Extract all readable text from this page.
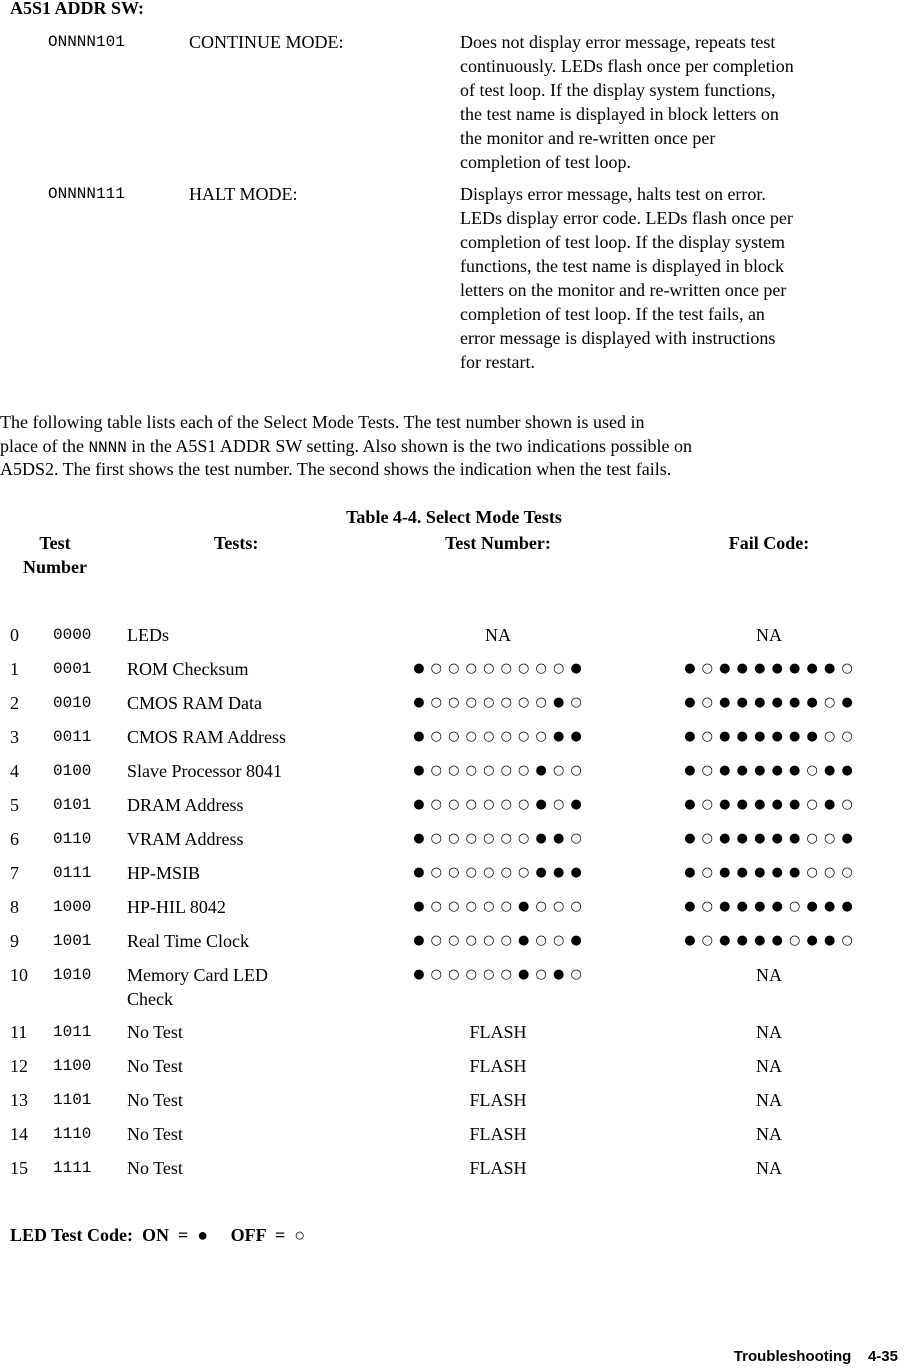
A5S1 ADDR SW:
ONNNN101	CONTINUE MODE:	Does not display error message, repeats test
continuously. LEDs flash once per completion
of test loop. If the display system functions,
the test name is displayed in block letters on
the monitor and re-written once per
completion of test loop.
ONNNN111	HALT MODE:	Displays error message, halts test on error.
LEDs display error code. LEDs flash once per
completion of test loop. If the display system
functions, the test name is displayed in block
letters on the monitor and re-written once per
completion of test loop. If the test fails, an
error message is displayed with instructions
for restart.
The following table lists each of the Select Mode Tests. The test number shown is used in
place of the NNNN in the A5S1 ADDR SW setting. Also shown is the two indications possible on
A5DS2. The first shows the test number. The second shows the indication when the test fails.
Table 4-4. Select Mode Tests
Test
Number
Tests:	Test Number:	Fail Code:
0 0000 LEDs	NA	NA
1 0001 ROM Checksum	● ○ ○ ○ ○ ○ ○ ○ ○ ●	● ○ ● ● ● ● ● ● ● ○
2 0010 CMOS RAM Data	● ○ ○ ○ ○ ○ ○ ○ ● ○	● ○ ● ● ● ● ● ● ○ ●
3 0011 CMOS RAM Address	● ○ ○ ○ ○ ○ ○ ○ ● ●	● ○ ● ● ● ● ● ● ○ ○
4 0100 Slave Processor 8041	● ○ ○ ○ ○ ○ ○ ● ○ ○	● ○ ● ● ● ● ● ○ ● ●
5 0101 DRAM Address	● ○ ○ ○ ○ ○ ○ ● ○ ●	● ○ ● ● ● ● ● ○ ● ○
6 0110 VRAM Address	● ○ ○ ○ ○ ○ ○ ● ● ○	● ○ ● ● ● ● ● ○ ○ ●
7 0111 HP-MSIB	● ○ ○ ○ ○ ○ ○ ● ● ●	● ○ ● ● ● ● ● ○ ○ ○
8 1000 HP-HIL 8042	● ○ ○ ○ ○ ○ ● ○ ○ ○	● ○ ● ● ● ● ○ ● ● ●
9 1001 Real Time Clock	● ○ ○ ○ ○ ○ ● ○ ○ ●	● ○ ● ● ● ● ○ ● ● ○
10 1010 Memory Card LED
Check
● ○ ○ ○ ○ ○ ● ○ ● ○	NA
11 1011 No Test	FLASH	NA
12 1100 No Test	FLASH	NA
13 1101 No Test	FLASH	NA
14 1110 No Test	FLASH	NA
15 1111 No Test	FLASH	NA
LED Test Code: ON  =  ● OFF  =  ○
Troubleshooting 4-35
